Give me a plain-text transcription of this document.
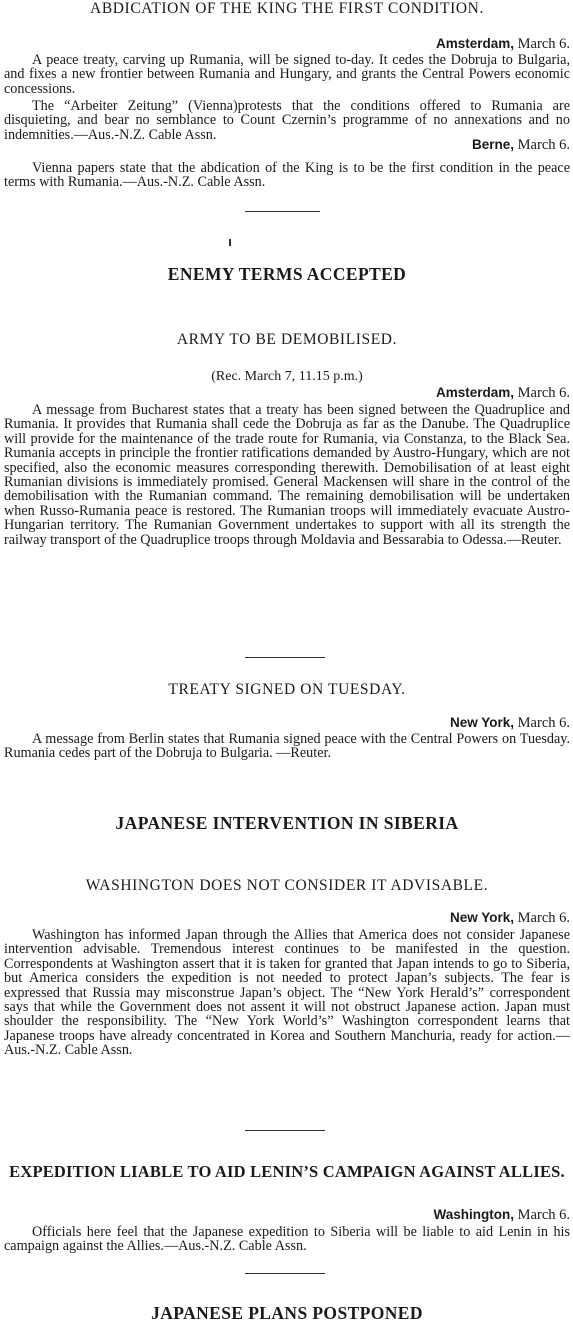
ABDICATION OF THE KING THE FIRST CONDITION.
Amsterdam, March 6.

A peace treaty, carving up Rumania, will be signed to-day. It cedes the Dobruja to Bulgaria, and fixes a new frontier between Rumania and Hungary, and grants the Central Powers economic concessions.

The “Arbeiter Zeitung” (Vienna)protests that the conditions offered to Rumania are disquieting, and bear no semblance to Count Czernin’s programme of no annexations and no indemnities.—Aus.-N.Z. Cable Assn.

Berne, March 6.

Vienna papers state that the abdication of the King is to be the first condition in the peace terms with Rumania.—Aus.-N.Z. Cable Assn.

ENEMY TERMS ACCEPTED
ARMY TO BE DEMOBILISED.
(Rec. March 7, 11.15 p.m.)
Amsterdam, March 6.

A message from Bucharest states that a treaty has been signed between the Quadruplice and Rumania. It provides that Rumania shall cede the Dobruja as far as the Danube. The Quadruplice will provide for the maintenance of the trade route for Rumania, via Constanza, to the Black Sea. Rumania accepts in principle the frontier ratifications demanded by Austro-Hungary, which are not specified, also the economic measures corresponding therewith. Demobilisation of at least eight Rumanian divisions is immediately promised. General Mackensen will share in the control of the demobilisation with the Rumanian command. The remaining demobilisation will be undertaken when Russo-Rumania peace is restored. The Rumanian troops will immediately evacuate Austro-Hungarian territory. The Rumanian Government undertakes to support with all its strength the railway transport of the Quadruplice troops through Moldavia and Bessarabia to Odessa.—Reuter.

TREATY SIGNED ON TUESDAY.
New York, March 6.

A message from Berlin states that Rumania signed peace with the Central Powers on Tuesday. Rumania cedes part of the Dobruja to Bulgaria. —Reuter.

JAPANESE INTERVENTION IN SIBERIA
WASHINGTON DOES NOT CONSIDER IT ADVISABLE.
New York, March 6.

Washington has informed Japan through the Allies that America does not consider Japanese intervention advisable. Tremendous interest continues to be manifested in the question. Correspondents at Washington assert that it is taken for granted that Japan intends to go to Siberia, but America considers the expedition is not needed to protect Japan’s subjects. The fear is expressed that Russia may misconstrue Japan’s object. The “New York Herald’s” correspondent says that while the Government does not assent it will not obstruct Japanese action. Japan must shoulder the responsibility. The “New York World’s” Washington correspondent learns that Japanese troops have already concentrated in Korea and Southern Manchuria, ready for action.—Aus.-N.Z. Cable Assn.

EXPEDITION LIABLE TO AID LENIN’S CAMPAIGN AGAINST ALLIES.
Washington, March 6.

Officials here feel that the Japanese expedition to Siberia will be liable to aid Lenin in his campaign against the Allies.—Aus.-N.Z. Cable Assn.

JAPANESE PLANS POSTPONED
